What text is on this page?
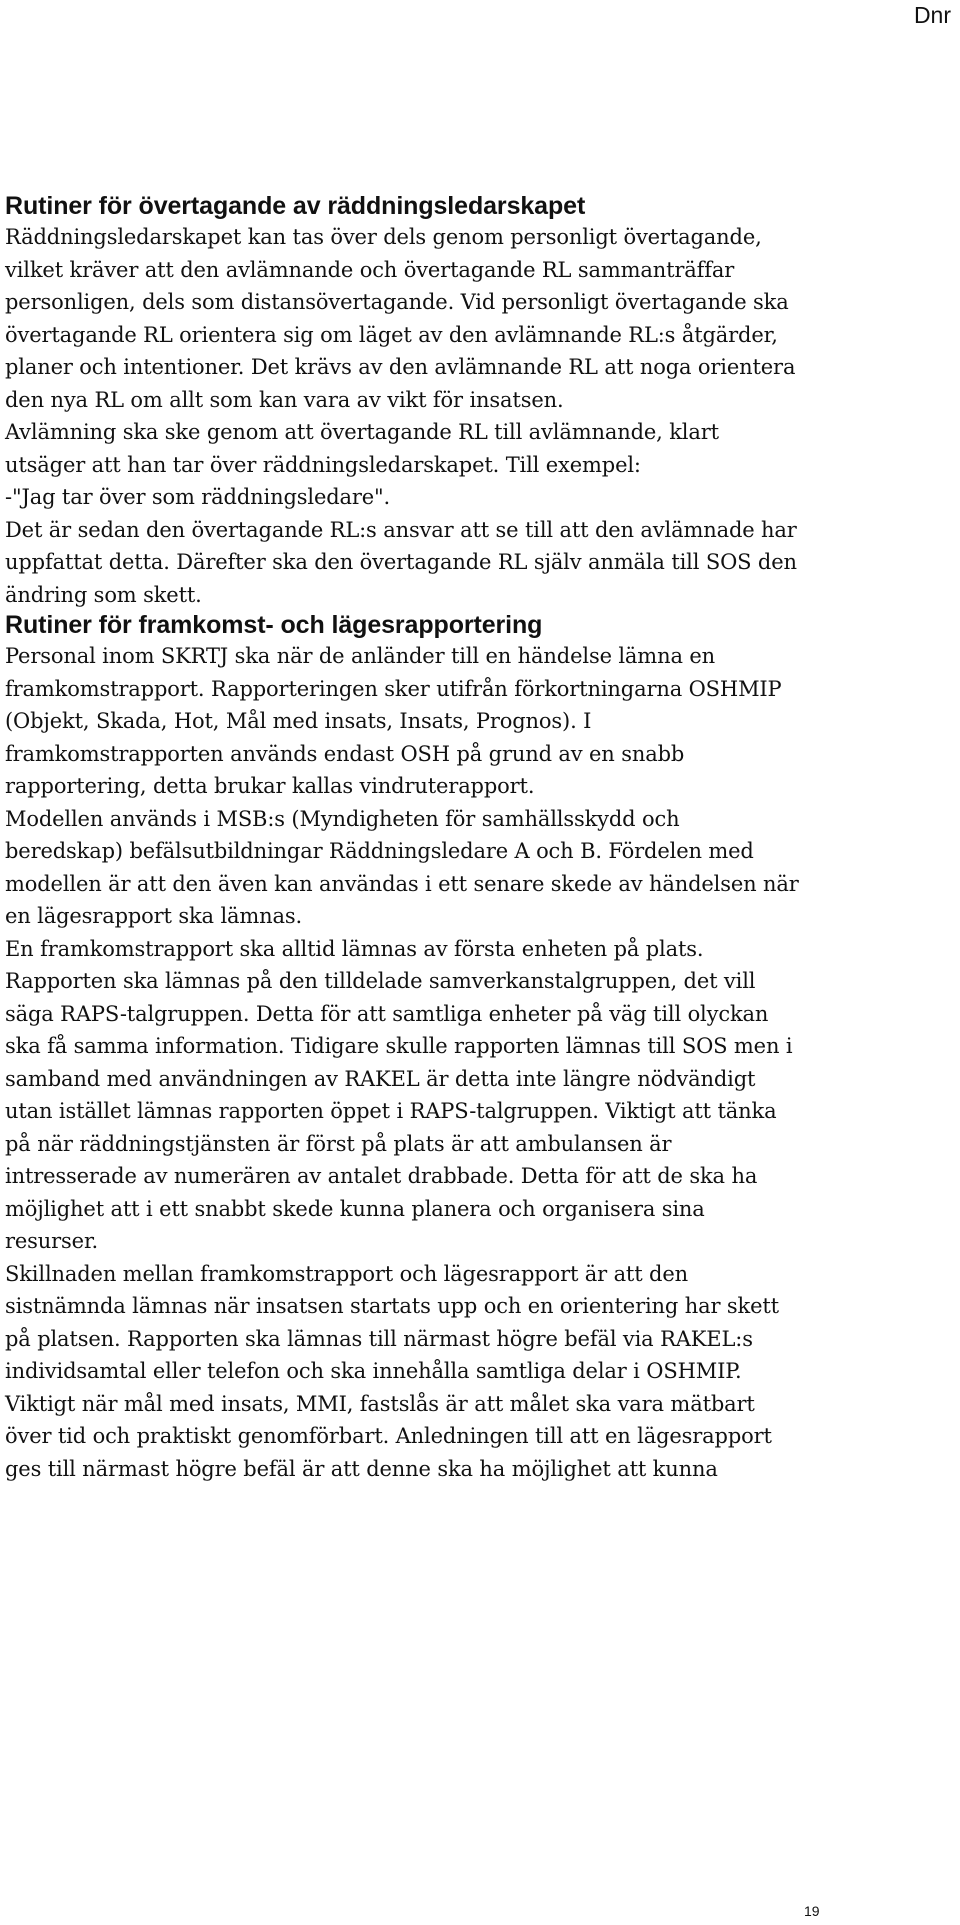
Dnr
Rutiner för övertagande av räddningsledarskapet

Räddningsledarskapet kan tas över dels genom personligt övertagande,
vilket kräver att den avlämnande och övertagande RL sammanträffar
personligen, dels som distansövertagande. Vid personligt övertagande ska
övertagande RL orientera sig om läget av den avlämnande RL:s åtgärder,
planer och intentioner. Det krävs av den avlämnande RL att noga orientera
den nya RL om allt som kan vara av vikt för insatsen.

Avlämning ska ske genom att övertagande RL till avlämnande, klart
utsäger att han tar över räddningsledarskapet. Till exempel:
-"Jag tar över som räddningsledare".
Det är sedan den övertagande RL:s ansvar att se till att den avlämnade har
uppfattat detta. Därefter ska den övertagande RL själv anmäla till SOS den
ändring som skett.

Rutiner för framkomst- och lägesrapportering

Personal inom SKRTJ ska när de anländer till en händelse lämna en
framkomstrapport. Rapporteringen sker utifrån förkortningarna OSHMIP
(Objekt, Skada, Hot, Mål med insats, Insats, Prognos). I
framkomstrapporten används endast OSH på grund av en snabb
rapportering, detta brukar kallas vindruterapport.

Modellen används i MSB:s (Myndigheten för samhällsskydd och
beredskap) befälsutbildningar Räddningsledare A och B. Fördelen med
modellen är att den även kan användas i ett senare skede av händelsen när
en lägesrapport ska lämnas.

En framkomstrapport ska alltid lämnas av första enheten på plats.
Rapporten ska lämnas på den tilldelade samverkanstalgruppen, det vill
säga RAPS-talgruppen. Detta för att samtliga enheter på väg till olyckan
ska få samma information. Tidigare skulle rapporten lämnas till SOS men i
samband med användningen av RAKEL är detta inte längre nödvändigt
utan istället lämnas rapporten öppet i RAPS-talgruppen. Viktigt att tänka
på när räddningstjänsten är först på plats är att ambulansen är
intresserade av numerären av antalet drabbade. Detta för att de ska ha
möjlighet att i ett snabbt skede kunna planera och organisera sina
resurser.

Skillnaden mellan framkomstrapport och lägesrapport är att den
sistnämnda lämnas när insatsen startats upp och en orientering har skett
på platsen. Rapporten ska lämnas till närmast högre befäl via RAKEL:s
individsamtal eller telefon och ska innehålla samtliga delar i OSHMIP.
Viktigt när mål med insats, MMI, fastslås är att målet ska vara mätbart
över tid och praktiskt genomförbart. Anledningen till att en lägesrapport
ges till närmast högre befäl är att denne ska ha möjlighet att kunna

19
